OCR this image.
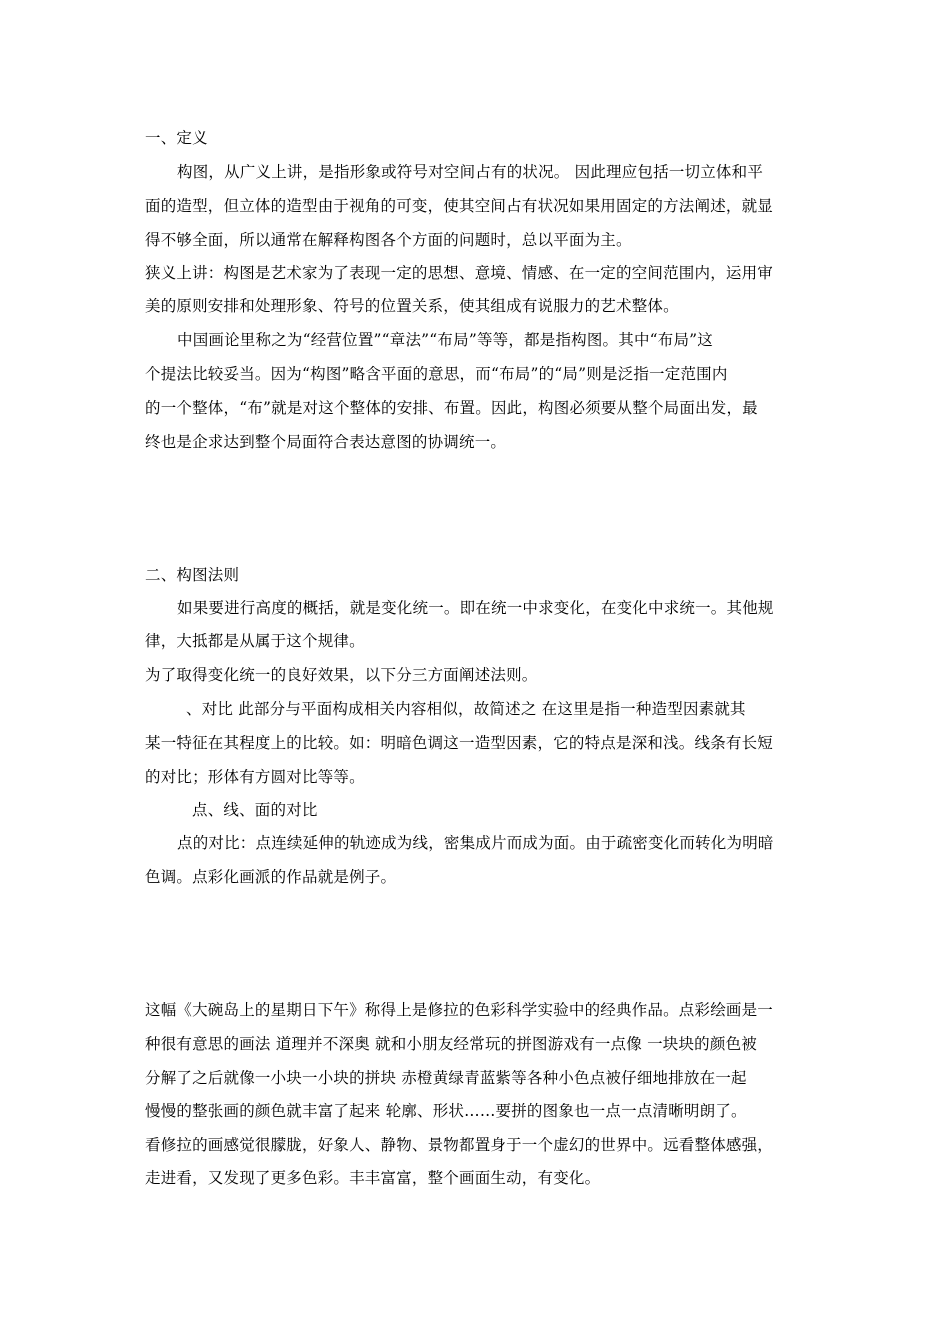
一、定义
构图，从广义上讲，是指形象或符号对空间占有的状况。 因此理应包括一切立体和平
面的造型，但立体的造型由于视角的可变，使其空间占有状况如果用固定的方法阐述，就显
得不够全面，所以通常在解释构图各个方面的问题时，总以平面为主。
狭义上讲：构图是艺术家为了表现一定的思想、意境、情感、在一定的空间范围内，运用审
美的原则安排和处理形象、符号的位置关系，使其组成有说服力的艺术整体。
中国画论里称之为“经营位置”“章法”“布局”等等，都是指构图。其中“布局”这
个提法比较妥当。因为“构图”略含平面的意思，而“布局”的“局”则是泛指一定范围内
的一个整体，“布”就是对这个整体的安排、布置。因此，构图必须要从整个局面出发，最
终也是企求达到整个局面符合表达意图的协调统一。
二、构图法则
如果要进行高度的概括，就是变化统一。即在统一中求变化，在变化中求统一。其他规
律，大抵都是从属于这个规律。
为了取得变化统一的良好效果，以下分三方面阐述法则。
、对比 此部分与平面构成相关内容相似，故简述之 在这里是指一种造型因素就其
某一特征在其程度上的比较。如：明暗色调这一造型因素，它的特点是深和浅。线条有长短
的对比；形体有方圆对比等等。
点、线、面的对比
点的对比：点连续延伸的轨迹成为线，密集成片而成为面。由于疏密变化而转化为明暗
色调。点彩化画派的作品就是例子。
这幅《大碗岛上的星期日下午》称得上是修拉的色彩科学实验中的经典作品。点彩绘画是一
种很有意思的画法 道理并不深奥 就和小朋友经常玩的拼图游戏有一点像 一块块的颜色被
分解了之后就像一小块一小块的拼块 赤橙黄绿青蓝紫等各种小色点被仔细地排放在一起
慢慢的整张画的颜色就丰富了起来 轮廓、形状……要拼的图象也一点一点清晰明朗了。
看修拉的画感觉很朦胧，好象人、静物、景物都置身于一个虚幻的世界中。远看整体感强，
走进看，又发现了更多色彩。丰丰富富，整个画面生动，有变化。
